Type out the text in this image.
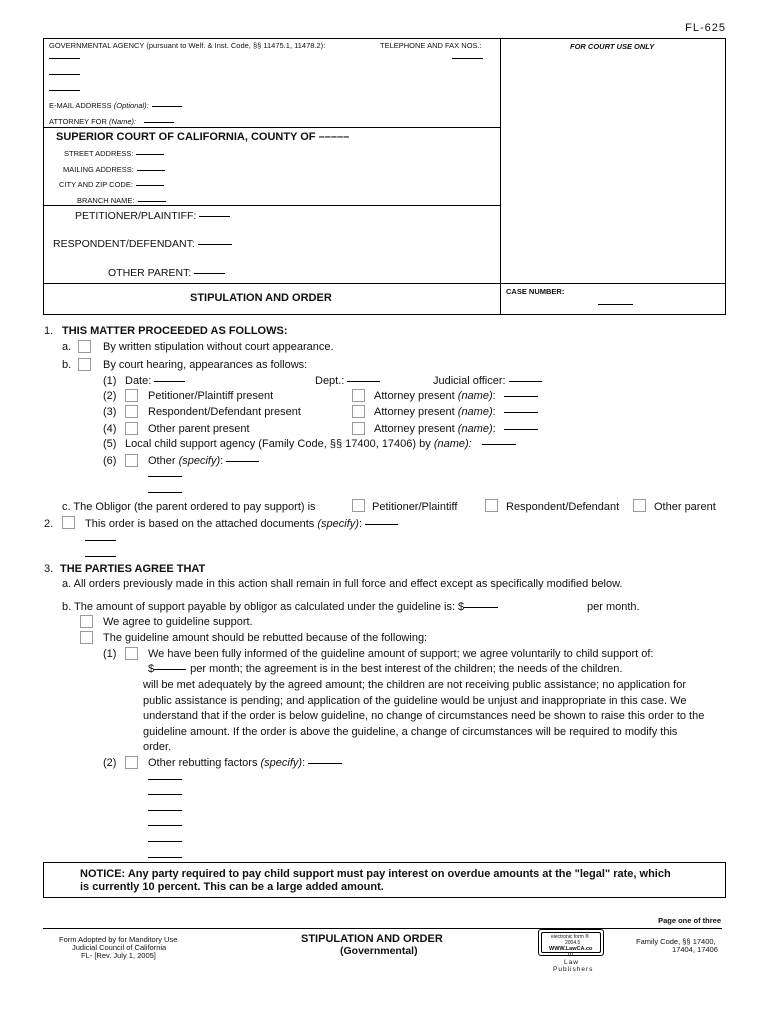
FL-625
GOVERNMENTAL AGENCY (pursuant to Welf. & Inst. Code, §§ 11475.1, 11478.2):	TELEPHONE AND FAX NOS.:	FOR COURT USE ONLY
E-MAIL ADDRESS (Optional):
ATTORNEY FOR (Name):
SUPERIOR COURT OF CALIFORNIA, COUNTY OF –––––
STREET ADDRESS:
MAILING ADDRESS:
CITY AND ZIP CODE:
BRANCH NAME:
PETITIONER/PLAINTIFF:
RESPONDENT/DEFENDANT:
OTHER PARENT:
STIPULATION AND ORDER
CASE NUMBER:
1. THIS MATTER PROCEEDED AS FOLLOWS:
a.	By written stipulation without court appearance.
b.	By court hearing, appearances as follows:
(1) Date:	Dept.:	Judicial officer:
(2)	Petitioner/Plaintiff present	Attorney present (name):
(3)	Respondent/Defendant present	Attorney present (name):
(4)	Other parent present	Attorney present (name):
(5) Local child support agency (Family Code, §§ 17400, 17406) by (name):
(6)	Other (specify):
c. The Obligor (the parent ordered to pay support) is	Petitioner/Plaintiff	Respondent/Defendant	Other parent
2.	This order is based on the attached documents (specify):
3. THE PARTIES AGREE THAT
a. All orders previously made in this action shall remain in full force and effect except as specifically modified below.
b. The amount of support payable by obligor as calculated under the guideline is: $	per month.
We agree to guideline support.
The guideline amount should be rebutted because of the following:
(1)	We have been fully informed of the guideline amount of support; we agree voluntarily to child support of:
$	per month; the agreement is in the best interest of the children; the needs of the children.
will be met adequately by the agreed amount; the children are not receiving public assistance; no application for
public assistance is pending; and application of the guideline would be unjust and inappropriate in this case. We
understand that if the order is below guideline, no change of circumstances need be shown to raise this order to the
guideline amount. If the order is above the guideline, a change of circumstances will be required to modify this
order.
(2)	Other rebutting factors (specify):
NOTICE: Any party required to pay child support must pay interest on overdue amounts at the "legal" rate, which
is currently 10 percent. This can be a large added amount.
Page one of three
Form Adopted by for Manditory Use
Judicial Council of California
FL- [Rev. July 1, 2005]
STIPULATION AND ORDER
(Governmental)
electronic form ®
2004.5
WWW.LawCA.co
m
Law
Publishers
Family Code, §§ 17400,
17404, 17406
